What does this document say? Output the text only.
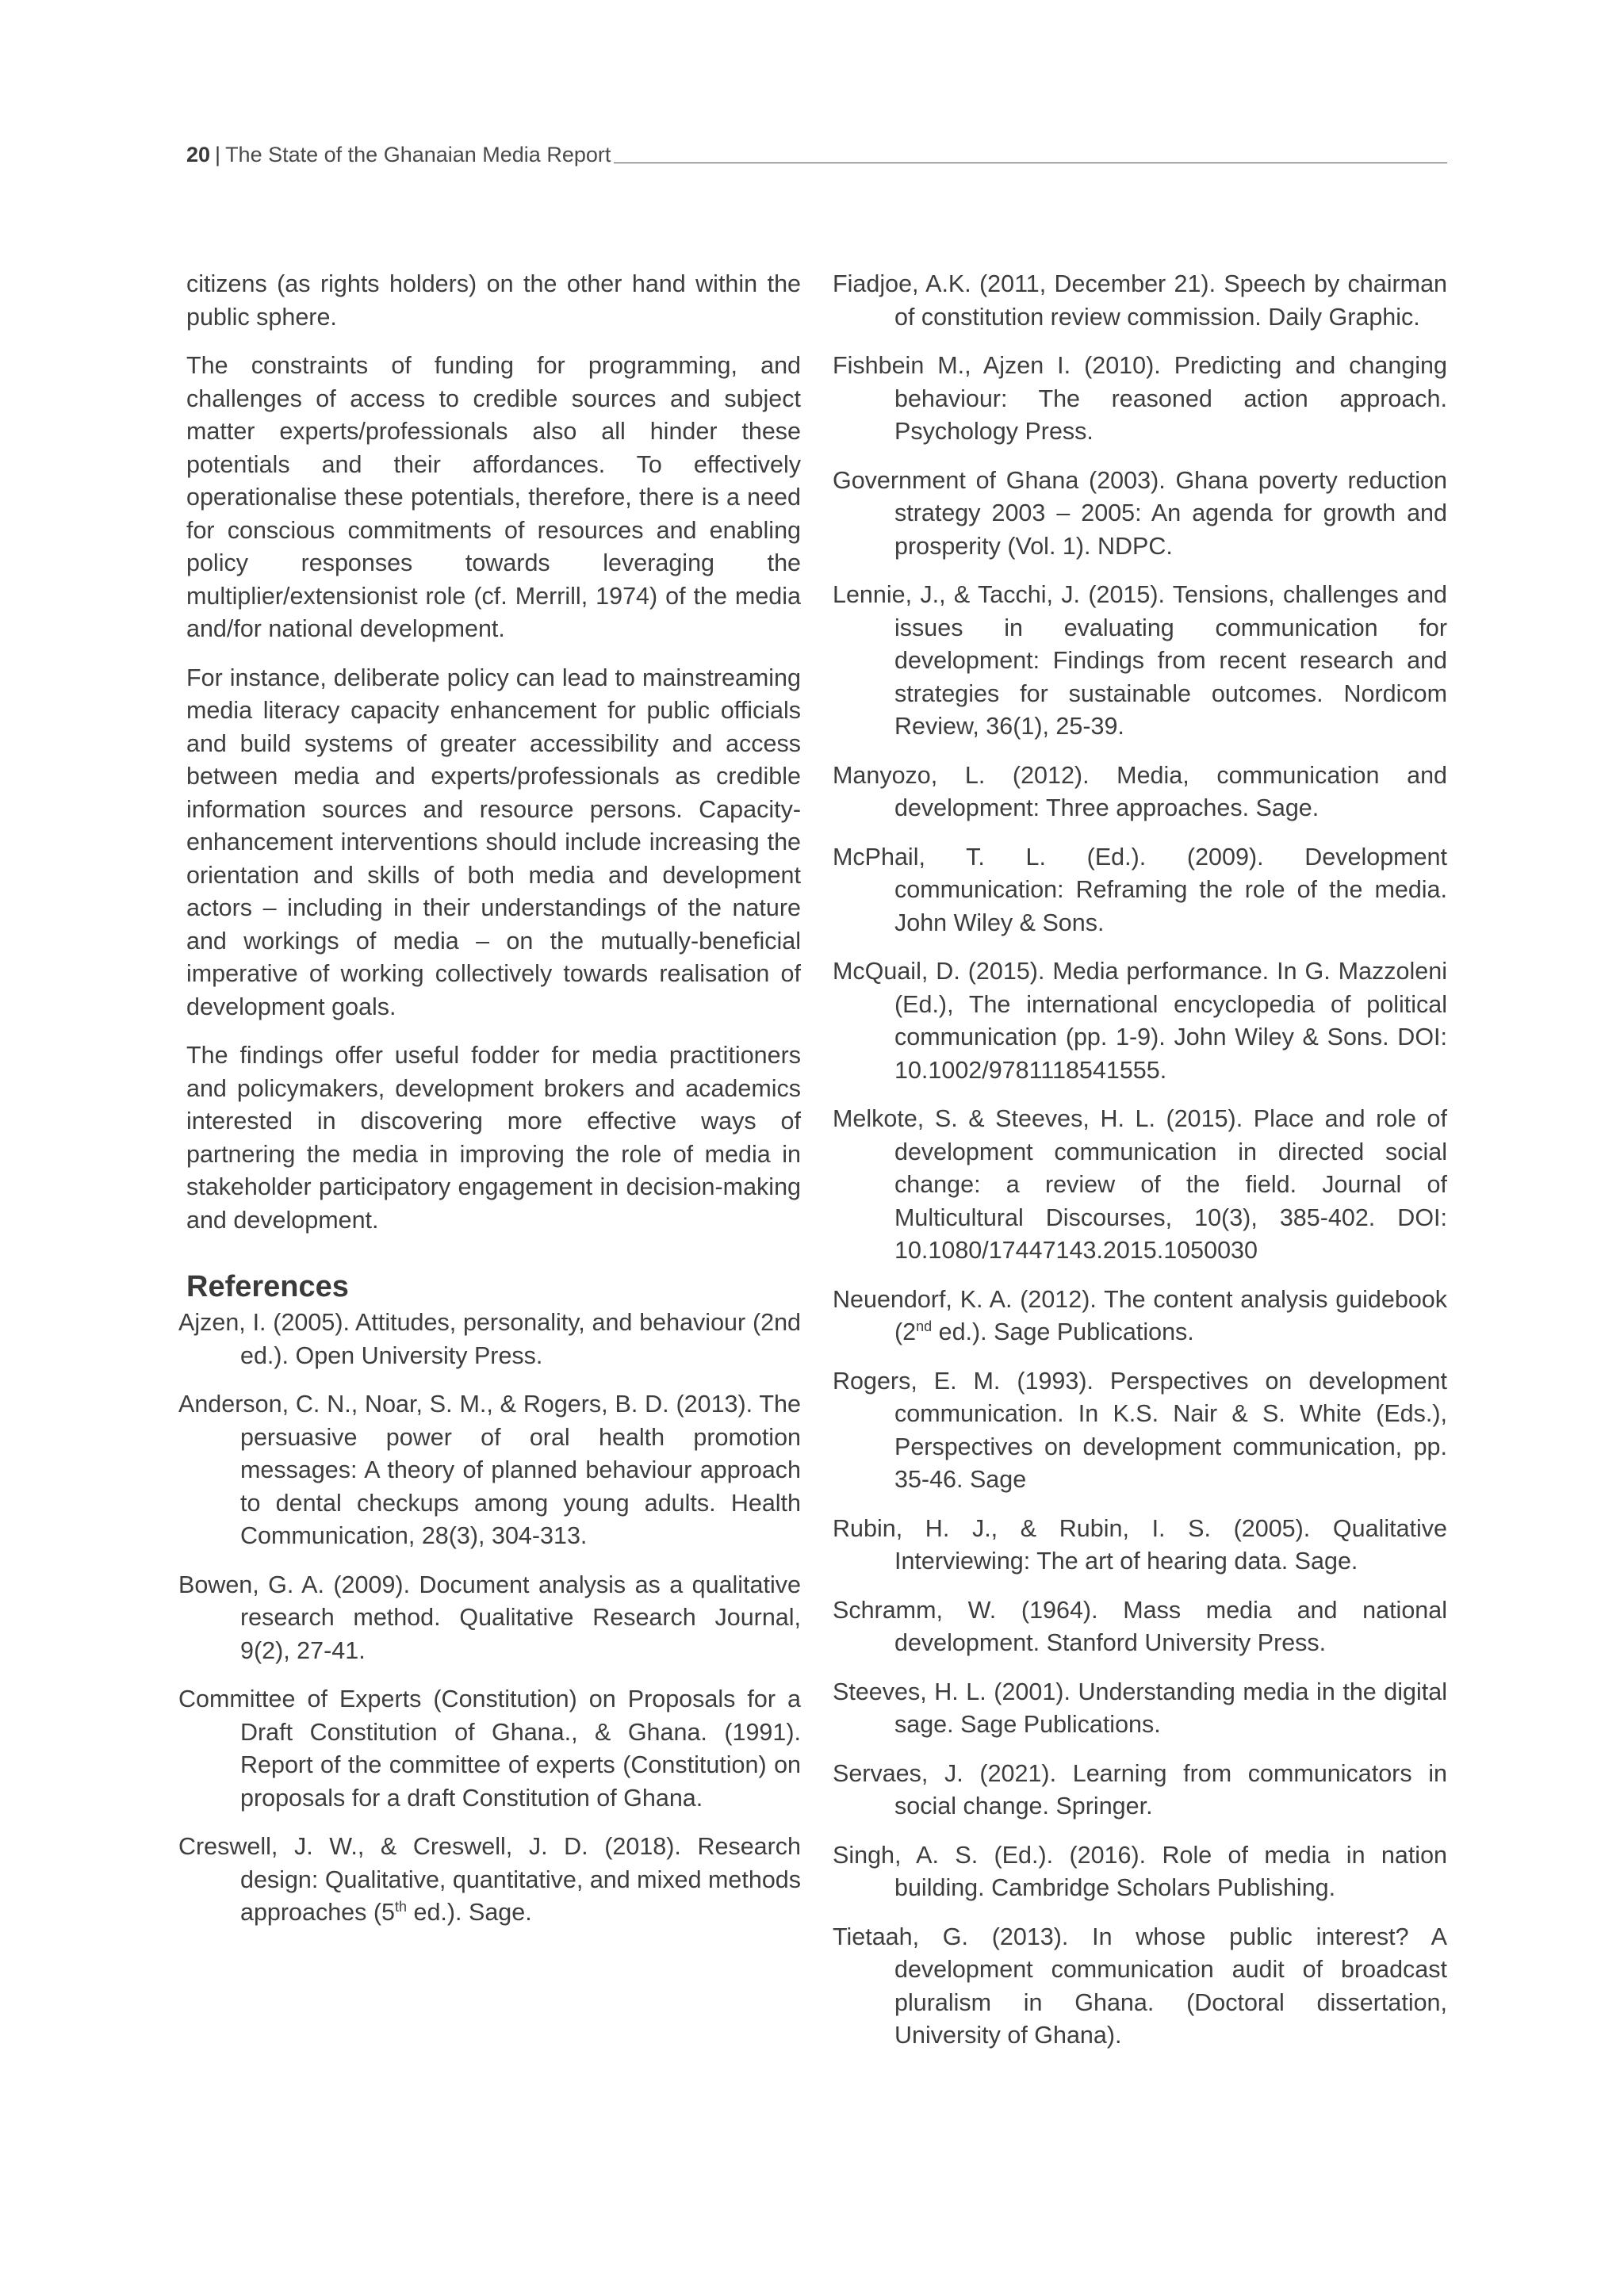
20 | The State of the Ghanaian Media Report

citizens (as rights holders) on the other hand within the public sphere.

The constraints of funding for programming, and challenges of access to credible sources and subject matter experts/professionals also all hinder these potentials and their affordances. To effectively operationalise these potentials, therefore, there is a need for conscious commitments of resources and enabling policy responses towards leveraging the multiplier/extensionist role (cf. Merrill, 1974) of the media and/for national development.

For instance, deliberate policy can lead to mainstreaming media literacy capacity enhancement for public officials and build systems of greater accessibility and access between media and experts/professionals as credible information sources and resource persons. Capacity-enhancement interventions should include increasing the orientation and skills of both media and development actors – including in their understandings of the nature and workings of media – on the mutually-beneficial imperative of working collectively towards realisation of development goals.

The findings offer useful fodder for media practitioners and policymakers, development brokers and academics interested in discovering more effective ways of partnering the media in improving the role of media in stakeholder participatory engagement in decision-making and development.

References

Ajzen, I. (2005). Attitudes, personality, and behaviour (2nd ed.). Open University Press.

Anderson, C. N., Noar, S. M., & Rogers, B. D. (2013). The persuasive power of oral health promotion messages: A theory of planned behaviour approach to dental checkups among young adults. Health Communication, 28(3), 304-313.

Bowen, G. A. (2009). Document analysis as a qualitative research method. Qualitative Research Journal, 9(2), 27-41.

Committee of Experts (Constitution) on Proposals for a Draft Constitution of Ghana., & Ghana. (1991). Report of the committee of experts (Constitution) on proposals for a draft Constitution of Ghana.

Creswell, J. W., & Creswell, J. D. (2018). Research design: Qualitative, quantitative, and mixed methods approaches (5th ed.). Sage.

Fiadjoe, A.K. (2011, December 21). Speech by chairman of constitution review commission. Daily Graphic.

Fishbein M., Ajzen I. (2010). Predicting and changing behaviour: The reasoned action approach. Psychology Press.

Government of Ghana (2003). Ghana poverty reduction strategy 2003 – 2005: An agenda for growth and prosperity (Vol. 1). NDPC.

Lennie, J., & Tacchi, J. (2015). Tensions, challenges and issues in evaluating communication for development: Findings from recent research and strategies for sustainable outcomes. Nordicom Review, 36(1), 25-39.

Manyozo, L. (2012). Media, communication and development: Three approaches. Sage.

McPhail, T. L. (Ed.). (2009). Development communication: Reframing the role of the media. John Wiley & Sons.

McQuail, D. (2015). Media performance. In G. Mazzoleni (Ed.), The international encyclopedia of political communication (pp. 1-9). John Wiley & Sons. DOI: 10.1002/9781118541555.

Melkote, S. & Steeves, H. L. (2015). Place and role of development communication in directed social change: a review of the field. Journal of Multicultural Discourses, 10(3), 385-402. DOI: 10.1080/17447143.2015.1050030

Neuendorf, K. A. (2012). The content analysis guidebook (2nd ed.). Sage Publications.

Rogers, E. M. (1993). Perspectives on development communication. In K.S. Nair & S. White (Eds.), Perspectives on development communication, pp. 35-46. Sage

Rubin, H. J., & Rubin, I. S. (2005). Qualitative Interviewing: The art of hearing data. Sage.

Schramm, W. (1964). Mass media and national development. Stanford University Press.

Steeves, H. L. (2001). Understanding media in the digital sage. Sage Publications.

Servaes, J. (2021). Learning from communicators in social change. Springer.

Singh, A. S. (Ed.). (2016). Role of media in nation building. Cambridge Scholars Publishing.

Tietaah, G. (2013). In whose public interest? A development communication audit of broadcast pluralism in Ghana. (Doctoral dissertation, University of Ghana).
